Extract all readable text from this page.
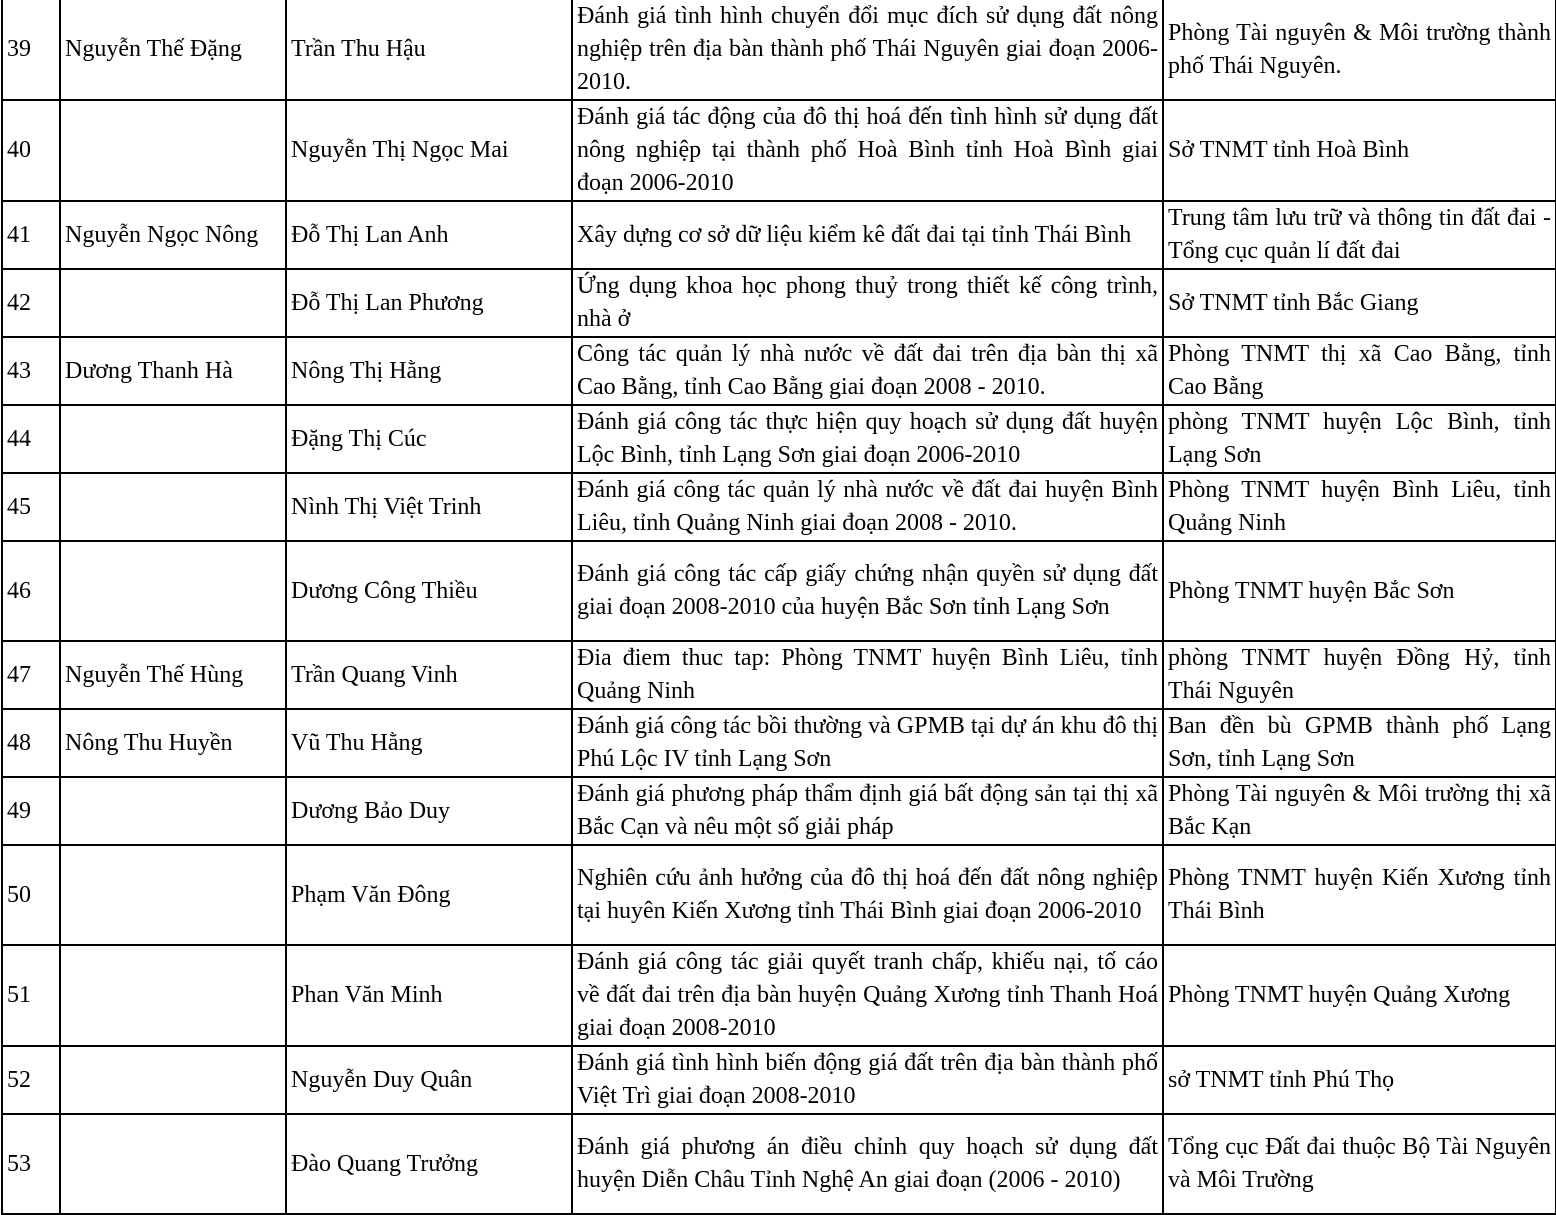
39	Nguyễn Thế Đặng	Trần Thu Hậu	Đánh giá tình hình chuyển đổi mục đích sử dụng đất nông nghiệp trên địa bàn thành phố Thái Nguyên giai đoạn 2006- 2010.	Phòng Tài nguyên & Môi trường thành phố Thái Nguyên.
40		Nguyễn Thị Ngọc Mai	Đánh giá tác động của đô thị hoá đến tình hình sử dụng đất nông nghiệp tại thành phố Hoà Bình tỉnh Hoà Bình giai đoạn 2006-2010	Sở TNMT tỉnh Hoà Bình
41	Nguyễn Ngọc Nông	Đỗ Thị Lan Anh	Xây dựng cơ sở dữ liệu kiểm kê đất đai tại tỉnh Thái Bình	Trung tâm lưu trữ và thông tin đất đai - Tổng cục quản lí đất đai
42		Đỗ Thị Lan Phương	Ứng dụng khoa học phong thuỷ trong thiết kế công trình, nhà ở	Sở TNMT tỉnh Bắc Giang
43	Dương Thanh Hà	Nông Thị Hằng	Công tác quản lý nhà nước về đất đai trên địa bàn thị xã Cao Bằng, tỉnh Cao Bằng giai đoạn 2008 - 2010.	Phòng TNMT thị xã Cao Bằng, tỉnh Cao Bằng
44		Đặng Thị Cúc	Đánh giá công tác thực hiện quy hoạch sử dụng đất huyện Lộc Bình, tỉnh Lạng Sơn giai đoạn 2006-2010	phòng TNMT huyện Lộc Bình, tỉnh Lạng Sơn
45		Nình Thị Việt Trinh	Đánh giá công tác quản lý nhà nước về đất đai huyện Bình Liêu, tỉnh Quảng Ninh giai đoạn 2008 - 2010.	Phòng TNMT huyện Bình Liêu, tỉnh Quảng Ninh
46		Dương Công Thiều	Đánh giá công tác cấp giấy chứng nhận quyền sử dụng đất giai đoạn 2008-2010 của huyện Bắc Sơn tỉnh Lạng Sơn	Phòng TNMT huyện Bắc Sơn
47	Nguyễn Thế Hùng	Trần Quang Vinh	Đia điem thuc tap: Phòng TNMT huyện Bình Liêu, tỉnh Quảng Ninh	phòng TNMT huyện Đồng Hỷ, tỉnh Thái Nguyên
48	Nông Thu Huyền	Vũ Thu Hằng	Đánh giá công tác bồi thường và GPMB tại dự án khu đô thị Phú Lộc IV tỉnh Lạng Sơn	Ban đền bù GPMB thành phố Lạng Sơn, tỉnh Lạng Sơn
49		Dương Bảo Duy	Đánh giá phương pháp thẩm định giá bất động sản tại thị xã Bắc Cạn và nêu một số giải pháp	Phòng Tài nguyên & Môi trường thị xã Bắc Kạn
50		Phạm Văn Đông	Nghiên cứu ảnh hưởng của đô thị hoá đến đất nông nghiệp tại huyên Kiến Xương tỉnh Thái Bình giai đoạn 2006-2010	Phòng TNMT huyện Kiến Xương tỉnh Thái Bình
51		Phan Văn Minh	Đánh giá công tác giải quyết tranh chấp, khiếu nại, tố cáo về đất đai trên địa bàn huyện Quảng Xương tỉnh Thanh Hoá giai đoạn 2008-2010	Phòng TNMT huyện Quảng Xương
52		Nguyễn Duy Quân	Đánh giá tình hình biến động giá đất trên địa bàn thành phố Việt Trì giai đoạn 2008-2010	sở TNMT tỉnh Phú Thọ
53		Đào Quang Trưởng	Đánh giá phương án điều chỉnh quy hoạch sử dụng đất huyện Diễn Châu Tỉnh Nghệ An giai đoạn (2006 - 2010)	Tổng cục Đất đai thuộc Bộ Tài Nguyên và Môi Trường
